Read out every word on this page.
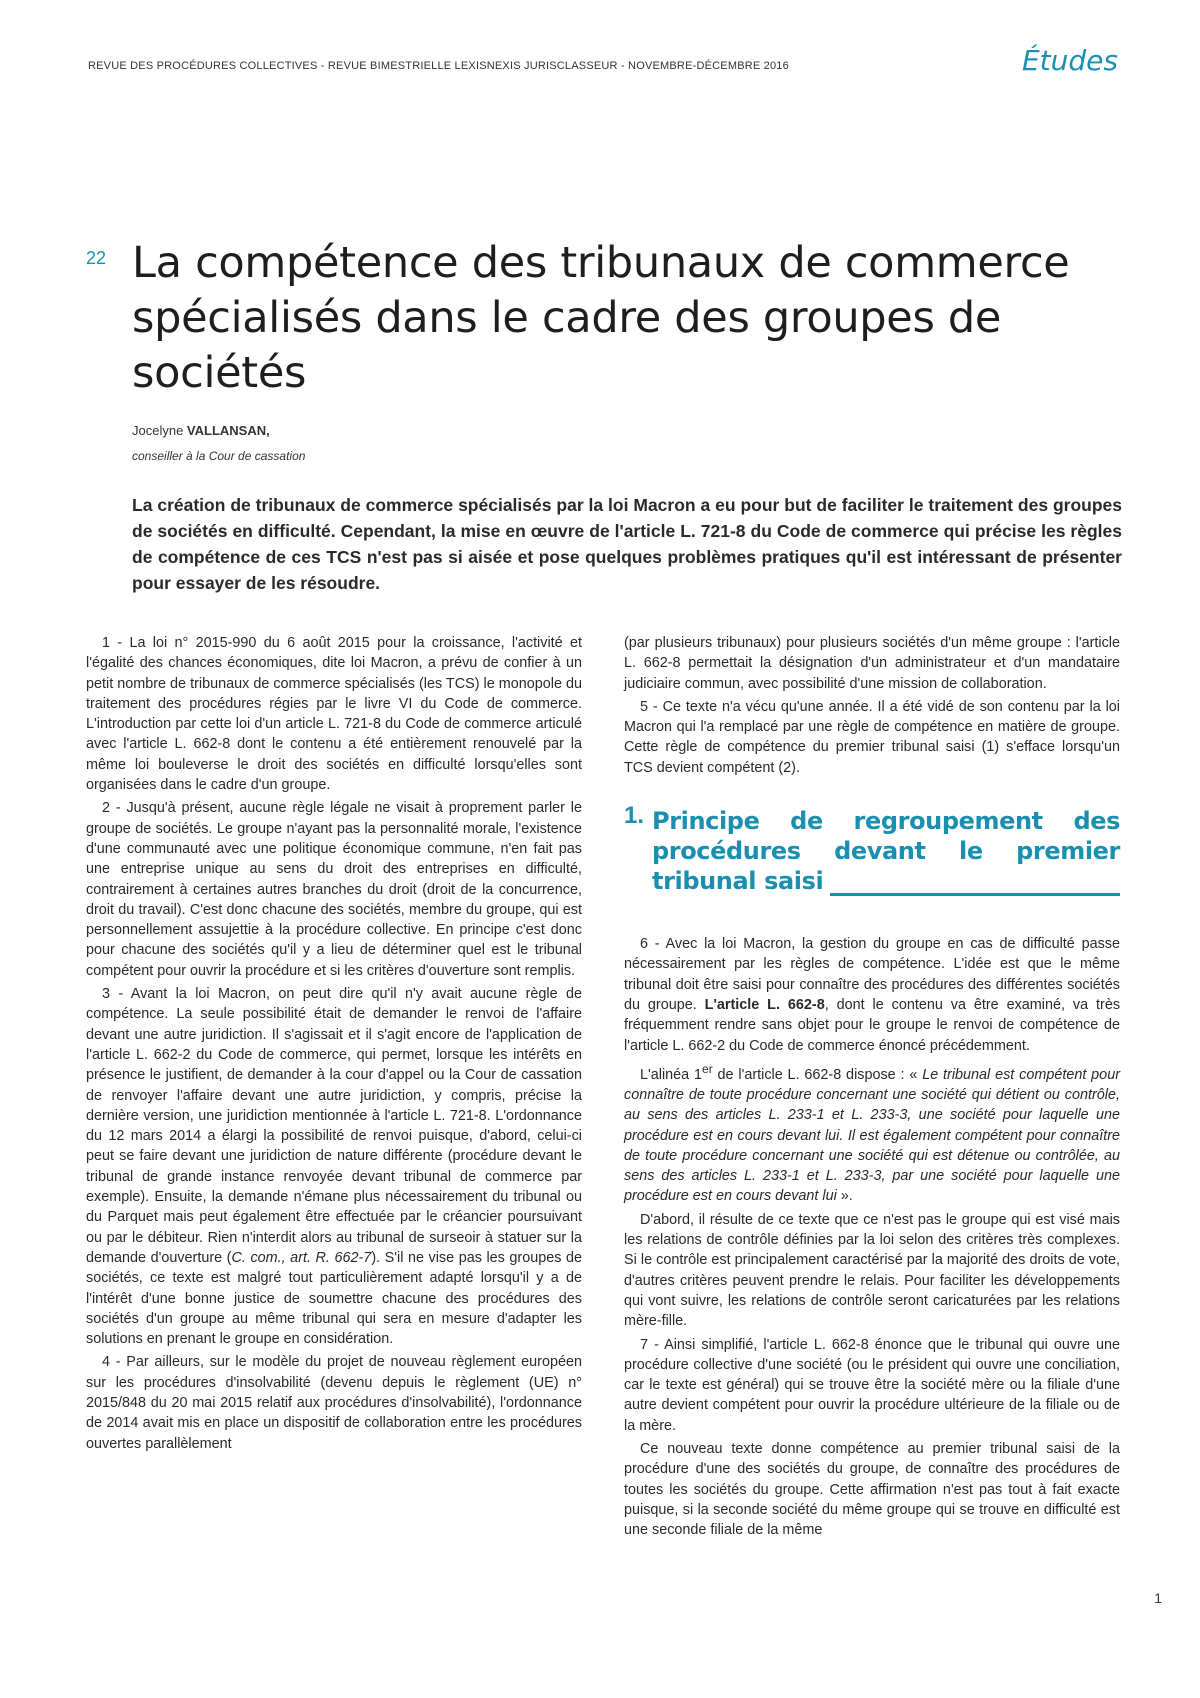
REVUE DES PROCÉDURES COLLECTIVES - REVUE BIMESTRIELLE LEXISNEXIS JURISCLASSEUR - NOVEMBRE-DÉCEMBRE 2016	Études
22 La compétence des tribunaux de commerce spécialisés dans le cadre des groupes de sociétés
Jocelyne VALLANSAN,
conseiller à la Cour de cassation

La création de tribunaux de commerce spécialisés par la loi Macron a eu pour but de faciliter le traitement des groupes de sociétés en difficulté. Cependant, la mise en œuvre de l'article L. 721-8 du Code de commerce qui précise les règles de compétence de ces TCS n'est pas si aisée et pose quelques problèmes pratiques qu'il est intéressant de présenter pour essayer de les résoudre.

1 - La loi n° 2015-990 du 6 août 2015 pour la croissance, l'activité et l'égalité des chances économiques, dite loi Macron, a prévu de confier à un petit nombre de tribunaux de commerce spécialisés (les TCS) le monopole du traitement des procédures régies par le livre VI du Code de commerce. L'introduction par cette loi d'un article L. 721-8 du Code de commerce articulé avec l'article L. 662-8 dont le contenu a été entièrement renouvelé par la même loi bouleverse le droit des sociétés en difficulté lorsqu'elles sont organisées dans le cadre d'un groupe.

2 - Jusqu'à présent, aucune règle légale ne visait à proprement parler le groupe de sociétés. Le groupe n'ayant pas la personnalité morale, l'existence d'une communauté avec une politique économique commune, n'en fait pas une entreprise unique au sens du droit des entreprises en difficulté, contrairement à certaines autres branches du droit (droit de la concurrence, droit du travail). C'est donc chacune des sociétés, membre du groupe, qui est personnellement assujettie à la procédure collective. En principe c'est donc pour chacune des sociétés qu'il y a lieu de déterminer quel est le tribunal compétent pour ouvrir la procédure et si les critères d'ouverture sont remplis.

3 - Avant la loi Macron, on peut dire qu'il n'y avait aucune règle de compétence. La seule possibilité était de demander le renvoi de l'affaire devant une autre juridiction. Il s'agissait et il s'agit encore de l'application de l'article L. 662-2 du Code de commerce, qui permet, lorsque les intérêts en présence le justifient, de demander à la cour d'appel ou la Cour de cassation de renvoyer l'affaire devant une autre juridiction, y compris, précise la dernière version, une juridiction mentionnée à l'article L. 721-8. L'ordonnance du 12 mars 2014 a élargi la possibilité de renvoi puisque, d'abord, celui-ci peut se faire devant une juridiction de nature différente (procédure devant le tribunal de grande instance renvoyée devant tribunal de commerce par exemple). Ensuite, la demande n'émane plus nécessairement du tribunal ou du Parquet mais peut également être effectuée par le créancier poursuivant ou par le débiteur. Rien n'interdit alors au tribunal de surseoir à statuer sur la demande d'ouverture (C. com., art. R. 662-7). S'il ne vise pas les groupes de sociétés, ce texte est malgré tout particulièrement adapté lorsqu'il y a de l'intérêt d'une bonne justice de soumettre chacune des procédures des sociétés d'un groupe au même tribunal qui sera en mesure d'adapter les solutions en prenant le groupe en considération.

4 - Par ailleurs, sur le modèle du projet de nouveau règlement européen sur les procédures d'insolvabilité (devenu depuis le règlement (UE) n° 2015/848 du 20 mai 2015 relatif aux procédures d'insolvabilité), l'ordonnance de 2014 avait mis en place un dispositif de collaboration entre les procédures ouvertes parallèlement

(par plusieurs tribunaux) pour plusieurs sociétés d'un même groupe : l'article L. 662-8 permettait la désignation d'un administrateur et d'un mandataire judiciaire commun, avec possibilité d'une mission de collaboration.

5 - Ce texte n'a vécu qu'une année. Il a été vidé de son contenu par la loi Macron qui l'a remplacé par une règle de compétence en matière de groupe. Cette règle de compétence du premier tribunal saisi (1) s'efface lorsqu'un TCS devient compétent (2).

1. Principe de regroupement des procédures devant le premier tribunal saisi

6 - Avec la loi Macron, la gestion du groupe en cas de difficulté passe nécessairement par les règles de compétence. L'idée est que le même tribunal doit être saisi pour connaître des procédures des différentes sociétés du groupe. L'article L. 662-8, dont le contenu va être examiné, va très fréquemment rendre sans objet pour le groupe le renvoi de compétence de l'article L. 662-2 du Code de commerce énoncé précédemment.

L'alinéa 1er de l'article L. 662-8 dispose : « Le tribunal est compétent pour connaître de toute procédure concernant une société qui détient ou contrôle, au sens des articles L. 233-1 et L. 233-3, une société pour laquelle une procédure est en cours devant lui. Il est également compétent pour connaître de toute procédure concernant une société qui est détenue ou contrôlée, au sens des articles L. 233-1 et L. 233-3, par une société pour laquelle une procédure est en cours devant lui ».

D'abord, il résulte de ce texte que ce n'est pas le groupe qui est visé mais les relations de contrôle définies par la loi selon des critères très complexes. Si le contrôle est principalement caractérisé par la majorité des droits de vote, d'autres critères peuvent prendre le relais. Pour faciliter les développements qui vont suivre, les relations de contrôle seront caricaturées par les relations mère-fille.

7 - Ainsi simplifié, l'article L. 662-8 énonce que le tribunal qui ouvre une procédure collective d'une société (ou le président qui ouvre une conciliation, car le texte est général) qui se trouve être la société mère ou la filiale d'une autre devient compétent pour ouvrir la procédure ultérieure de la filiale ou de la mère.

Ce nouveau texte donne compétence au premier tribunal saisi de la procédure d'une des sociétés du groupe, de connaître des procédures de toutes les sociétés du groupe. Cette affirmation n'est pas tout à fait exacte puisque, si la seconde société du même groupe qui se trouve en difficulté est une seconde filiale de la même

1
